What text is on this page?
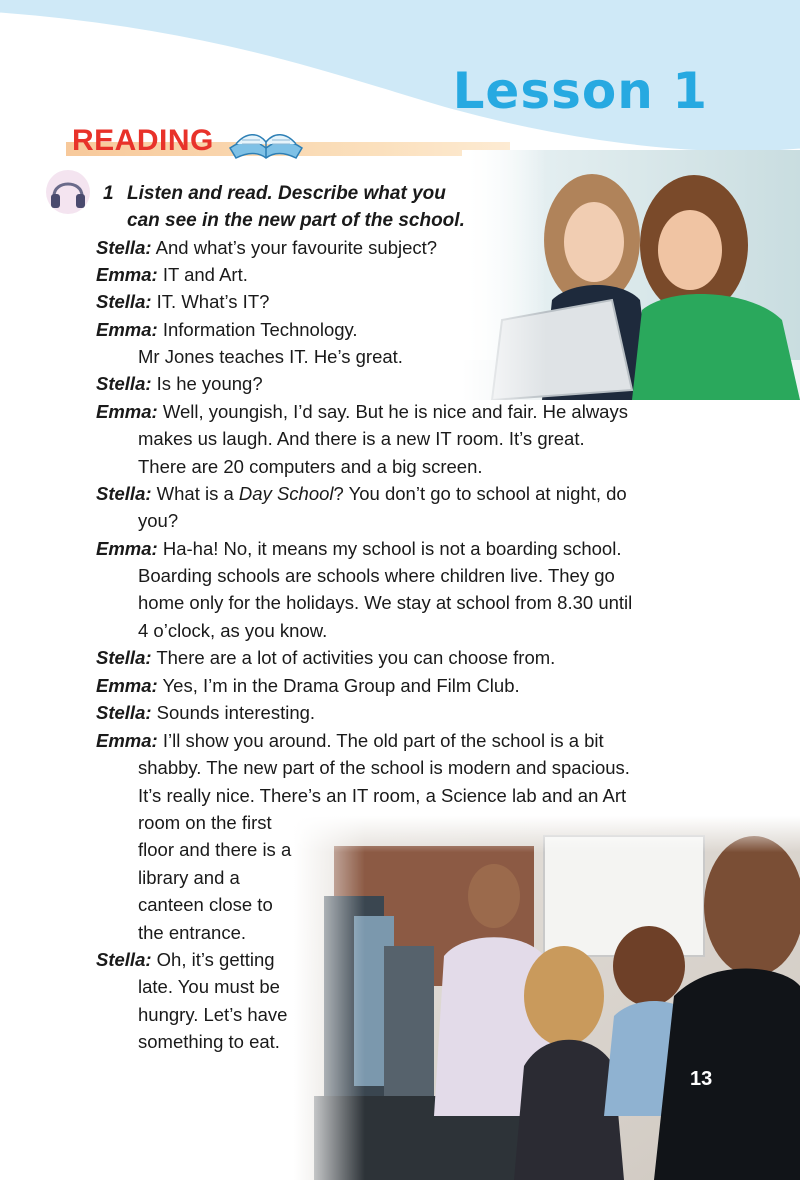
Lesson 1
READING
1 Listen and read. Describe what you
can see in the new part of the school.
Stella: And what’s your favourite subject?
Emma: IT and Art.
Stella: IT. What’s IT?
Emma: Information Technology.
Mr Jones teaches IT. He’s great.
Stella: Is he young?
Emma: Well, youngish, I’d say. But he is nice and fair. He always
makes us laugh. And there is a new IT room. It’s great.
There are 20 computers and a big screen.
Stella: What is a Day School? You don’t go to school at night, do
you?
Emma: Ha-ha! No, it means my school is not a boarding school.
Boarding schools are schools where children live. They go
home only for the holidays. We stay at school from 8.30 until
4 o’clock, as you know.
Stella: There are a lot of activities you can choose from.
Emma: Yes, I’m in the Drama Group and Film Club.
Stella: Sounds interesting.
Emma: I’ll show you around. The old part of the school is a bit
shabby. The new part of the school is modern and spacious.
It’s really nice. There’s an IT room, a Science lab and an Art
room on the first
floor and there is a
library and a
canteen close to
the entrance.
Stella: Oh, it’s getting
late. You must be
hungry. Let’s have
something to eat.
13
